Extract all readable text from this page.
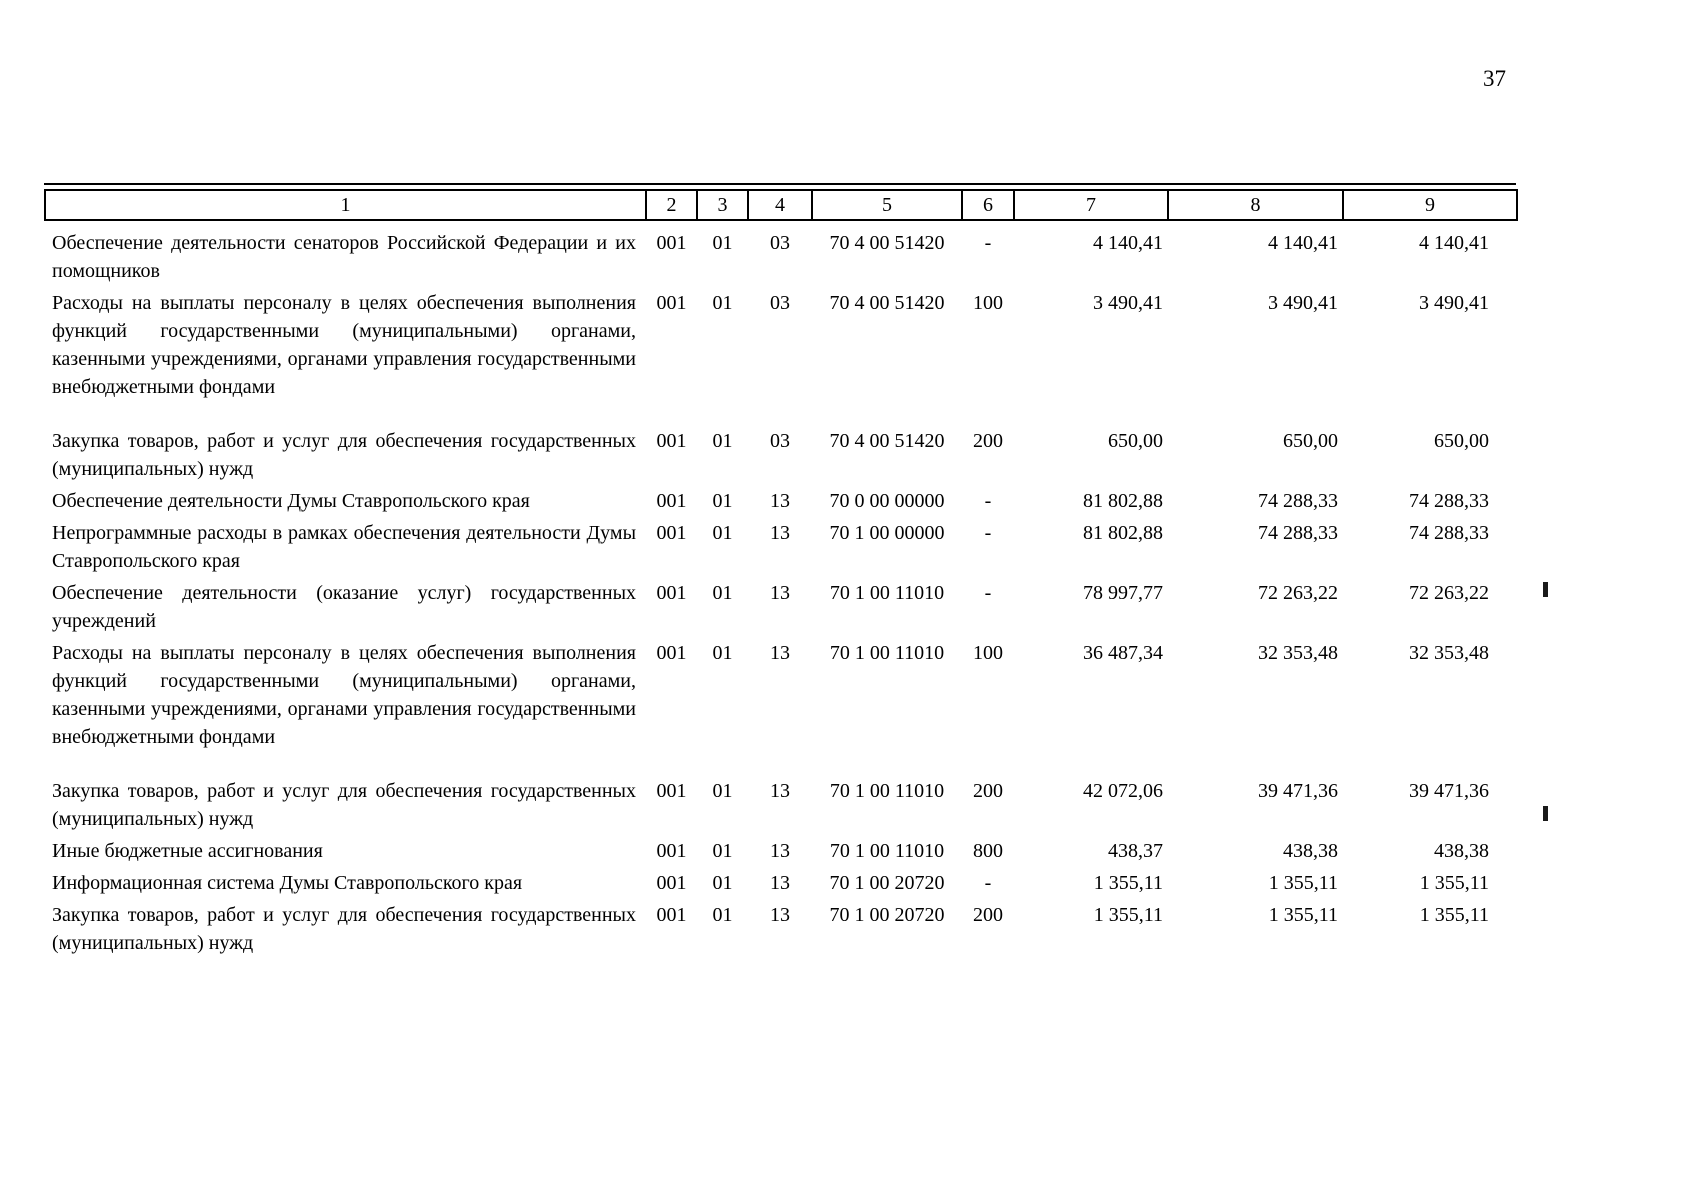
37
1	2	3	4	5	6	7	8	9
Обеспечение деятельности сенаторов Российской Федерации и их помощников	001	01	03	70 4 00 51420	-	4 140,41	4 140,41	4 140,41
Расходы на выплаты персоналу в целях обеспечения выполнения функций государственными (муниципальными) органами, казенными учреждениями, органами управления государственными внебюджетными фондами	001	01	03	70 4 00 51420	100	3 490,41	3 490,41	3 490,41
Закупка товаров, работ и услуг для обеспечения государственных (муниципальных) нужд	001	01	03	70 4 00 51420	200	650,00	650,00	650,00
Обеспечение деятельности Думы Ставропольского края	001	01	13	70 0 00 00000	-	81 802,88	74 288,33	74 288,33
Непрограммные расходы в рамках обеспечения деятельности Думы Ставропольского края	001	01	13	70 1 00 00000	-	81 802,88	74 288,33	74 288,33
Обеспечение деятельности (оказание услуг) государственных учреждений	001	01	13	70 1 00 11010	-	78 997,77	72 263,22	72 263,22
Расходы на выплаты персоналу в целях обеспечения выполнения функций государственными (муниципальными) органами, казенными учреждениями, органами управления государственными внебюджетными фондами	001	01	13	70 1 00 11010	100	36 487,34	32 353,48	32 353,48
Закупка товаров, работ и услуг для обеспечения государственных (муниципальных) нужд	001	01	13	70 1 00 11010	200	42 072,06	39 471,36	39 471,36
Иные бюджетные ассигнования	001	01	13	70 1 00 11010	800	438,37	438,38	438,38
Информационная система Думы Ставропольского края	001	01	13	70 1 00 20720	-	1 355,11	1 355,11	1 355,11
Закупка товаров, работ и услуг для обеспечения государственных (муниципальных) нужд	001	01	13	70 1 00 20720	200	1 355,11	1 355,11	1 355,11
